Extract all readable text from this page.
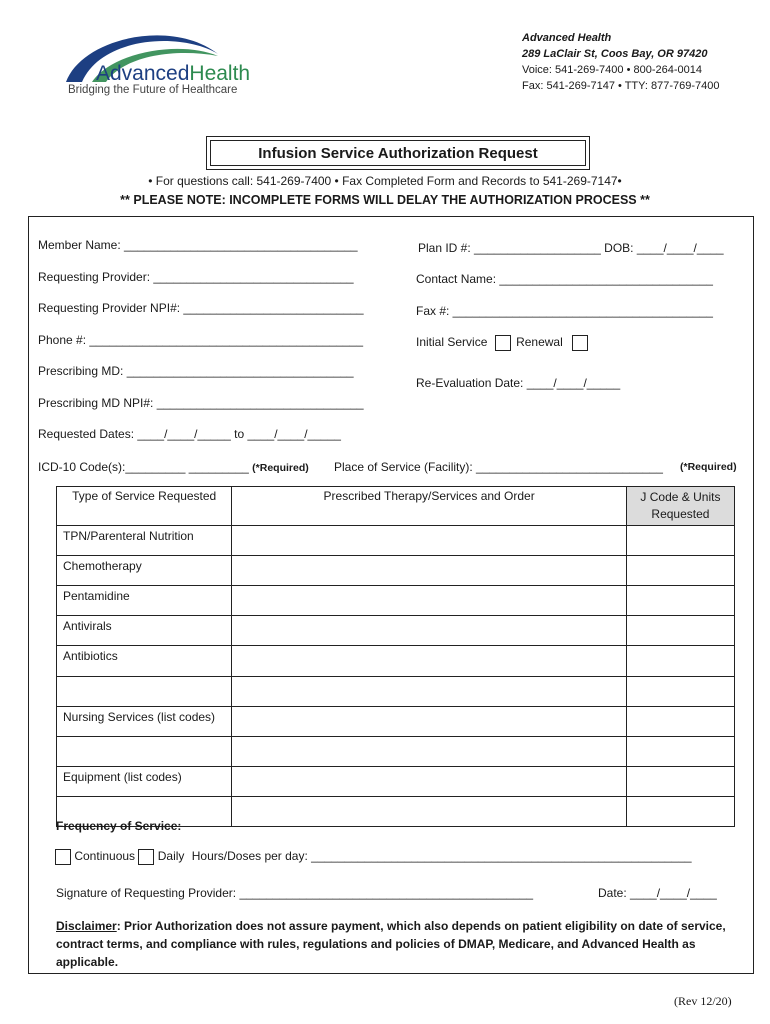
AdvancedHealth
Bridging the Future of Healthcare
Advanced Health
289 LaClair St, Coos Bay, OR 97420
Voice: 541-269-7400 • 800-264-0014
Fax: 541-269-7147 • TTY: 877-769-7400
Infusion Service Authorization Request
• For questions call: 541-269-7400 • Fax Completed Form and Records to 541-269-7147•
** PLEASE NOTE: INCOMPLETE FORMS WILL DELAY THE AUTHORIZATION PROCESS **
Member Name: ___________________________________	Plan ID #: ___________________ DOB: ____/____/____
Requesting Provider: ______________________________	Contact Name: ________________________________
Requesting Provider NPI#: ___________________________	Fax #: _______________________________________
Phone #: _________________________________________	Initial Service Renewal
Prescribing MD: __________________________________
Re-Evaluation Date: ____/____/_____
Prescribing MD NPI#: _______________________________
Requested Dates: ____/____/_____ to ____/____/_____
ICD-10 Code(s):_________ _________ (*Required) Place of Service (Facility): ____________________________ (*Required)
Type of Service Requested	Prescribed Therapy/Services and Order	J Code & Units Requested
TPN/Parenteral Nutrition		
Chemotherapy		
Pentamidine		
Antivirals		
Antibiotics		

Nursing Services (list codes)		

Equipment (list codes)		

Frequency of Service:
Continuous Daily Hours/Doses per day: _________________________________________________________
Signature of Requesting Provider: ____________________________________________	Date: ____/____/____
Disclaimer: Prior Authorization does not assure payment, which also depends on patient eligibility on date of service, contract terms, and compliance with rules, regulations and policies of DMAP, Medicare, and Advanced Health as applicable.
(Rev 12/20)
